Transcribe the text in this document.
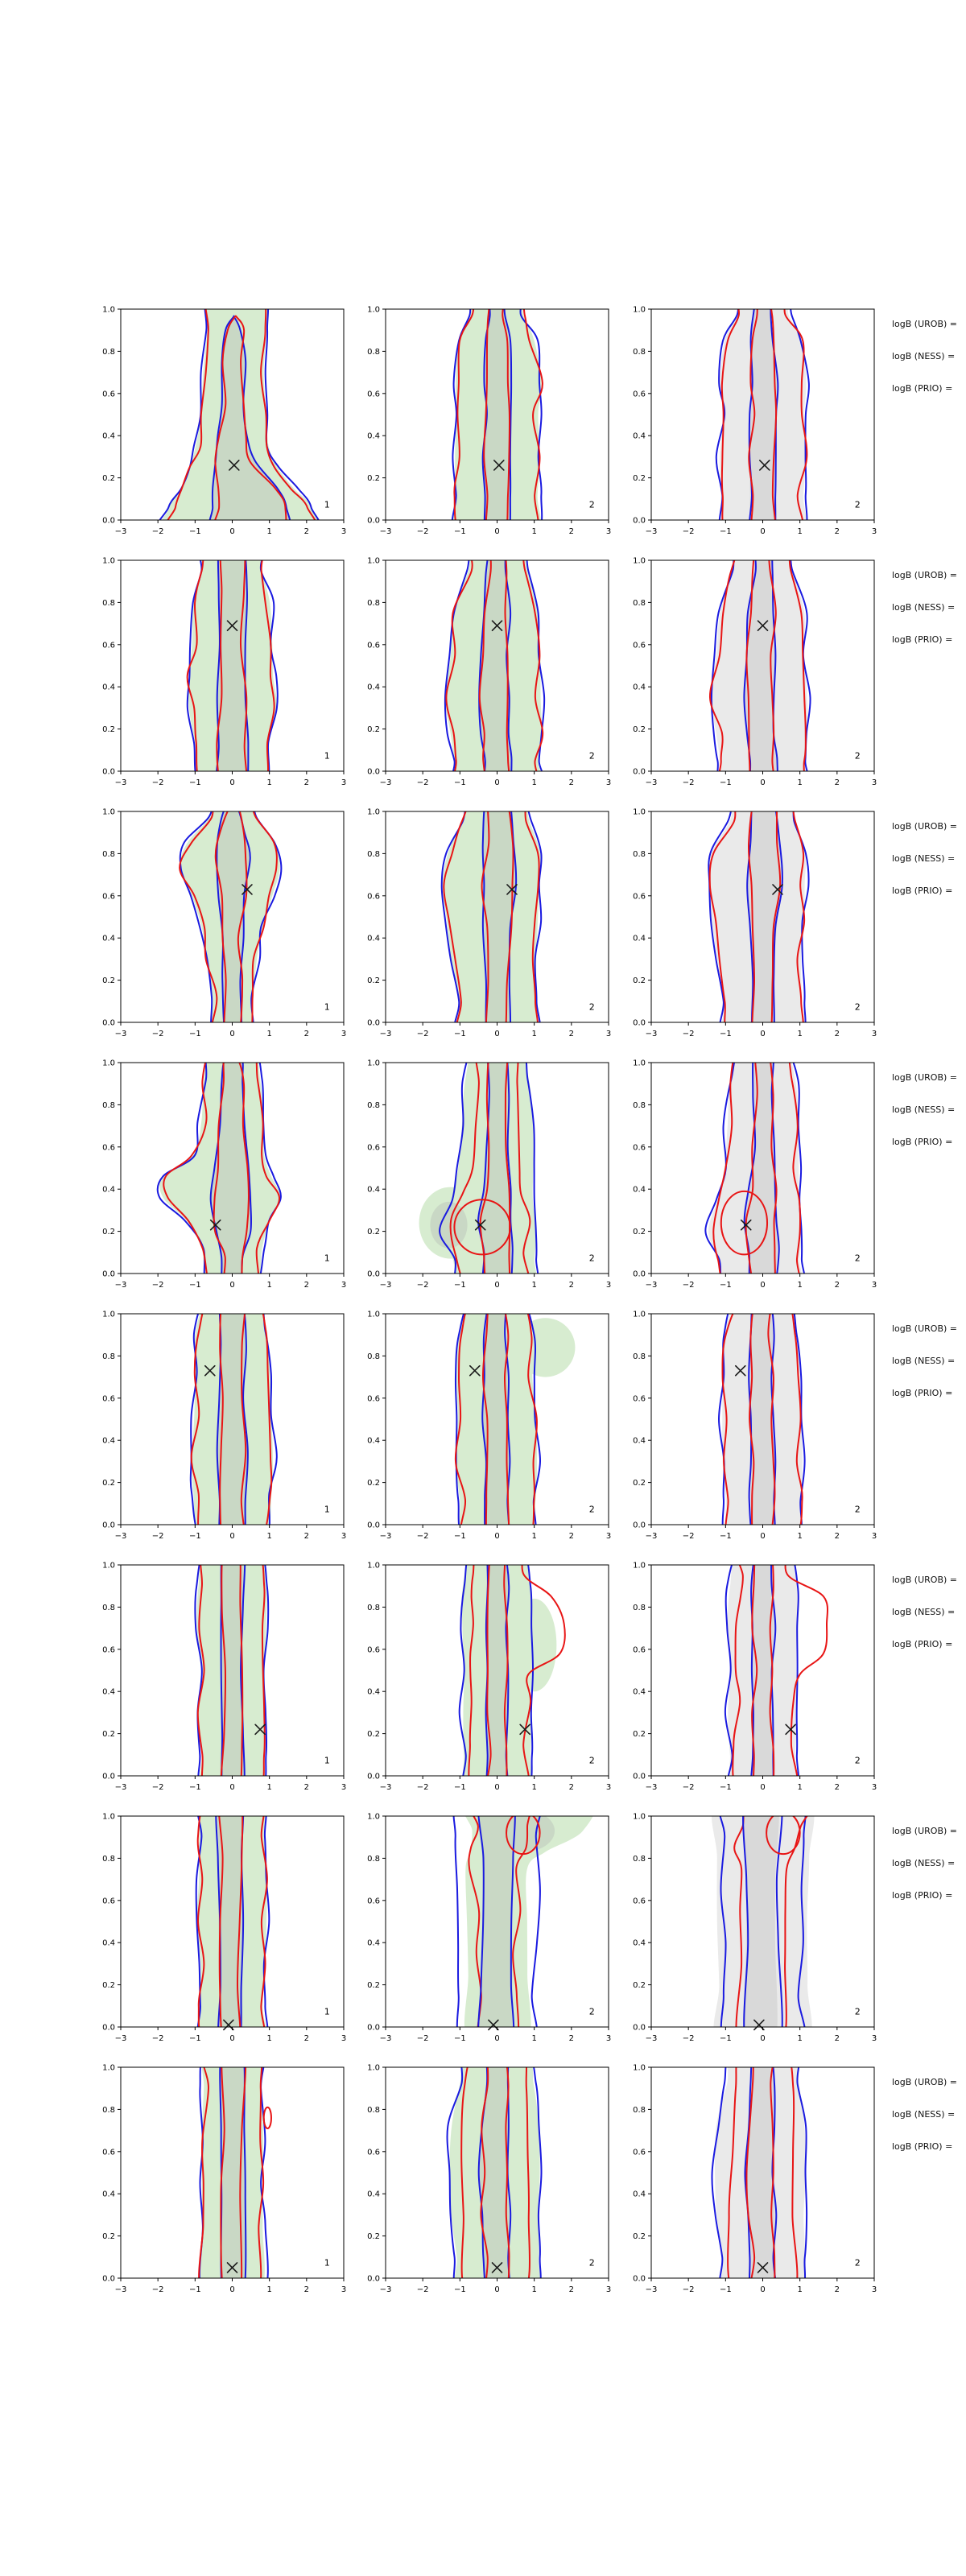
−3	−2	−1	0	1	2	3
0.0
0.2
0.4
0.6
0.8
1.0
1
−3	−2	−1	0	1	2	3
0.0
0.2
0.4
0.6
0.8
1.0
2
−3	−2	−1	0	1	2	3
0.0
0.2
0.4
0.6
0.8
1.0
2
logB (UROB) =
logB (NESS) =
logB (PRIO) =
−3	−2	−1	0	1	2	3
0.0
0.2
0.4
0.6
0.8
1.0
1
−3	−2	−1	0	1	2	3
0.0
0.2
0.4
0.6
0.8
1.0
2
−3	−2	−1	0	1	2	3
0.0
0.2
0.4
0.6
0.8
1.0
2
logB (UROB) =
logB (NESS) =
logB (PRIO) =
−3	−2	−1	0	1	2	3
0.0
0.2
0.4
0.6
0.8
1.0
1
−3	−2	−1	0	1	2	3
0.0
0.2
0.4
0.6
0.8
1.0
2
−3	−2	−1	0	1	2	3
0.0
0.2
0.4
0.6
0.8
1.0
2
logB (UROB) =
logB (NESS) =
logB (PRIO) =
−3	−2	−1	0	1	2	3
0.0
0.2
0.4
0.6
0.8
1.0
1
−3	−2	−1	0	1	2	3
0.0
0.2
0.4
0.6
0.8
1.0
2
−3	−2	−1	0	1	2	3
0.0
0.2
0.4
0.6
0.8
1.0
2
logB (UROB) =
logB (NESS) =
logB (PRIO) =
−3	−2	−1	0	1	2	3
0.0
0.2
0.4
0.6
0.8
1.0
1
−3	−2	−1	0	1	2	3
0.0
0.2
0.4
0.6
0.8
1.0
2
−3	−2	−1	0	1	2	3
0.0
0.2
0.4
0.6
0.8
1.0
2
logB (UROB) =
logB (NESS) =
logB (PRIO) =
−3	−2	−1	0	1	2	3
0.0
0.2
0.4
0.6
0.8
1.0
1
−3	−2	−1	0	1	2	3
0.0
0.2
0.4
0.6
0.8
1.0
2
−3	−2	−1	0	1	2	3
0.0
0.2
0.4
0.6
0.8
1.0
2
logB (UROB) =
logB (NESS) =
logB (PRIO) =
−3	−2	−1	0	1	2	3
0.0
0.2
0.4
0.6
0.8
1.0
1
−3	−2	−1	0	1	2	3
0.0
0.2
0.4
0.6
0.8
1.0
2
−3	−2	−1	0	1	2	3
0.0
0.2
0.4
0.6
0.8
1.0
2
logB (UROB) =
logB (NESS) =
logB (PRIO) =
−3	−2	−1	0	1	2	3
0.0
0.2
0.4
0.6
0.8
1.0
1
−3	−2	−1	0	1	2	3
0.0
0.2
0.4
0.6
0.8
1.0
2
−3	−2	−1	0	1	2	3
0.0
0.2
0.4
0.6
0.8
1.0
2
logB (UROB) =
logB (NESS) =
logB (PRIO) =
